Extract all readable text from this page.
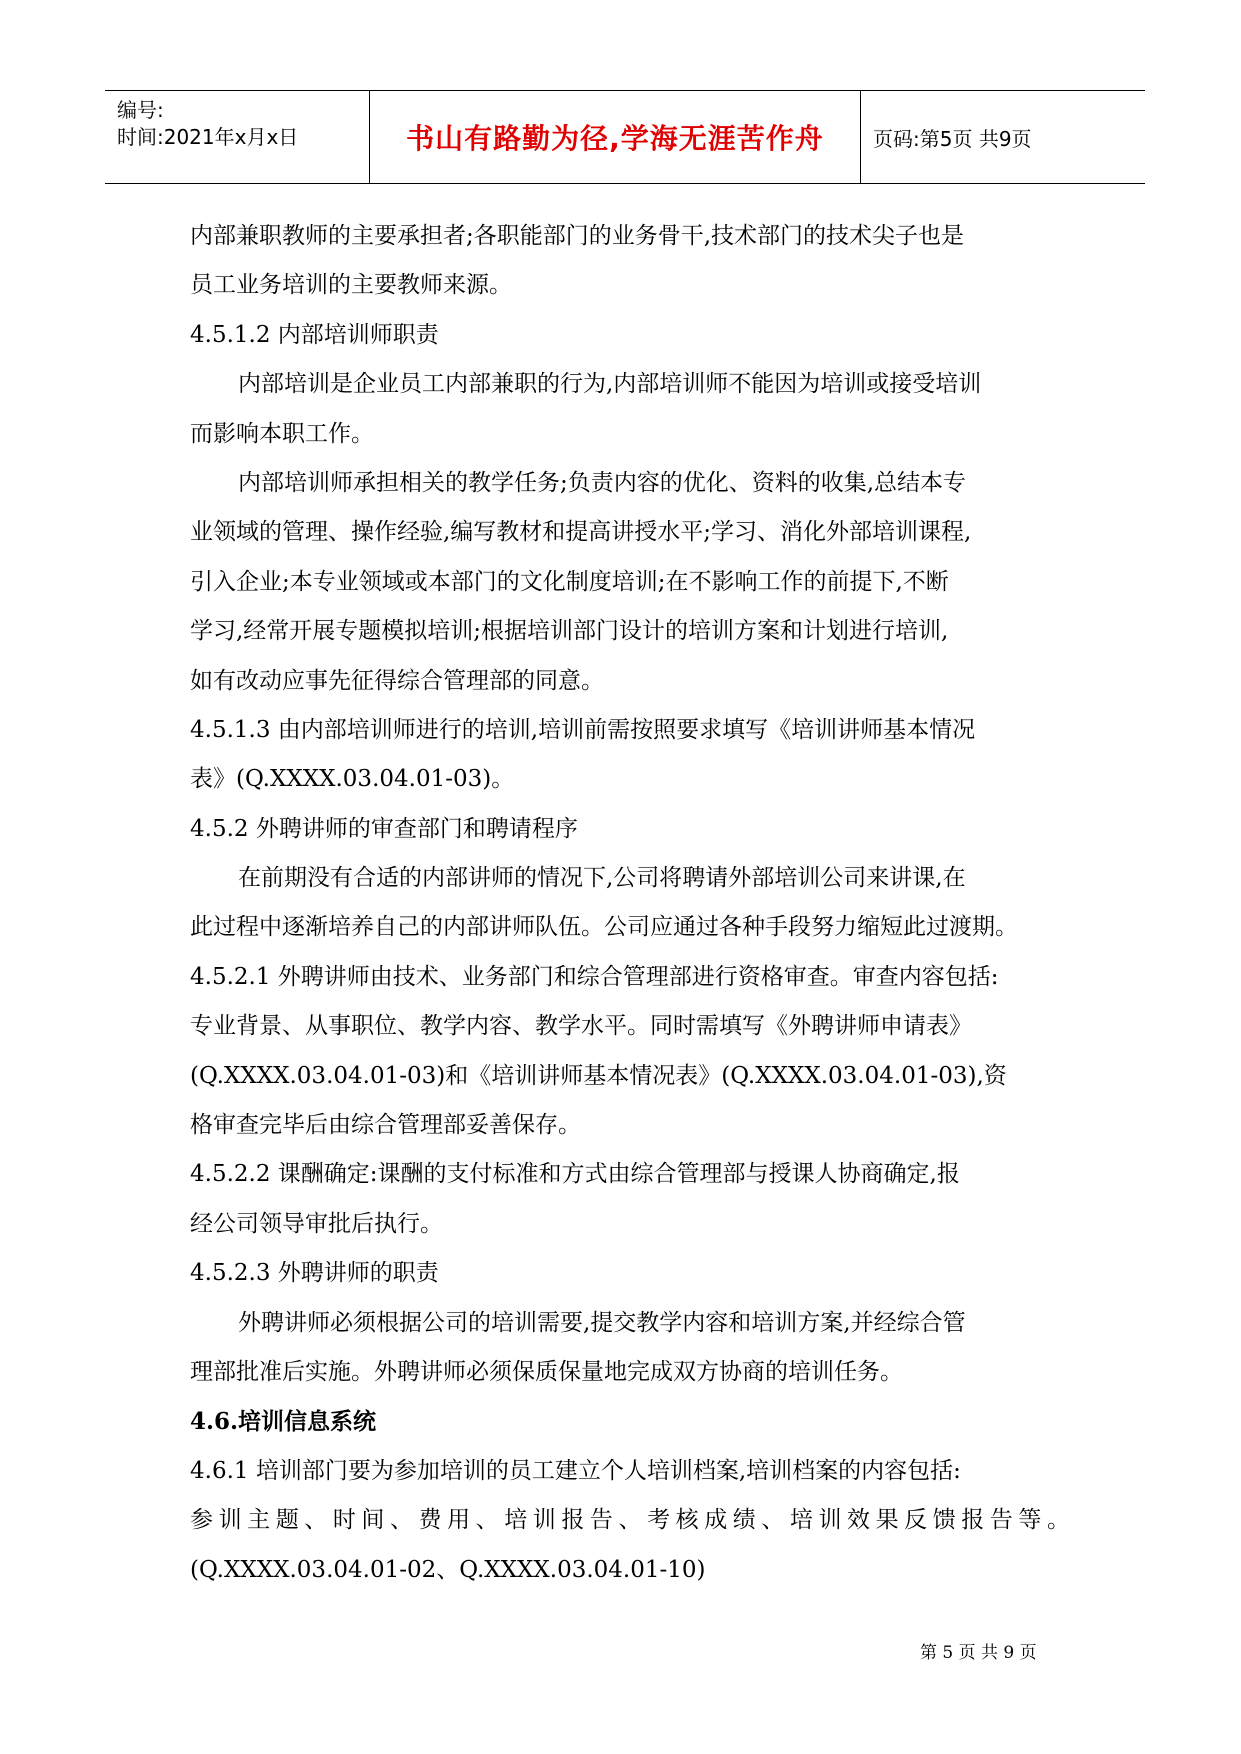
编号:
时间:2021年x月x日	书山有路勤为径,学海无涯苦作舟 页码:第5页 共9页
内部兼职教师的主要承担者;各职能部门的业务骨干,技术部门的技术尖子也是
员工业务培训的主要教师来源。
4.5.1.2 内部培训师职责
内部培训是企业员工内部兼职的行为,内部培训师不能因为培训或接受培训
而影响本职工作。
内部培训师承担相关的教学任务;负责内容的优化、资料的收集,总结本专
业领域的管理、操作经验,编写教材和提高讲授水平;学习、消化外部培训课程,
引入企业;本专业领域或本部门的文化制度培训;在不影响工作的前提下,不断
学习,经常开展专题模拟培训;根据培训部门设计的培训方案和计划进行培训,
如有改动应事先征得综合管理部的同意。
4.5.1.3 由内部培训师进行的培训,培训前需按照要求填写《培训讲师基本情况
表》(Q.XXXX.03.04.01-03)。
4.5.2 外聘讲师的审查部门和聘请程序
在前期没有合适的内部讲师的情况下,公司将聘请外部培训公司来讲课,在
此过程中逐渐培养自己的内部讲师队伍。公司应通过各种手段努力缩短此过渡期。
4.5.2.1 外聘讲师由技术、业务部门和综合管理部进行资格审查。审查内容包括:
专业背景、从事职位、教学内容、教学水平。同时需填写《外聘讲师申请表》
(Q.XXXX.03.04.01-03)和《培训讲师基本情况表》(Q.XXXX.03.04.01-03),资
格审查完毕后由综合管理部妥善保存。
4.5.2.2 课酬确定:课酬的支付标准和方式由综合管理部与授课人协商确定,报
经公司领导审批后执行。
4.5.2.3 外聘讲师的职责
外聘讲师必须根据公司的培训需要,提交教学内容和培训方案,并经综合管
理部批准后实施。外聘讲师必须保质保量地完成双方协商的培训任务。
4.6.培训信息系统
4.6.1 培训部门要为参加培训的员工建立个人培训档案,培训档案的内容包括:
参训主题、时间、费用、培训报告、考核成绩、培训效果反馈报告等。
(Q.XXXX.03.04.01-02、Q.XXXX.03.04.01-10)
第 5 页 共 9 页
